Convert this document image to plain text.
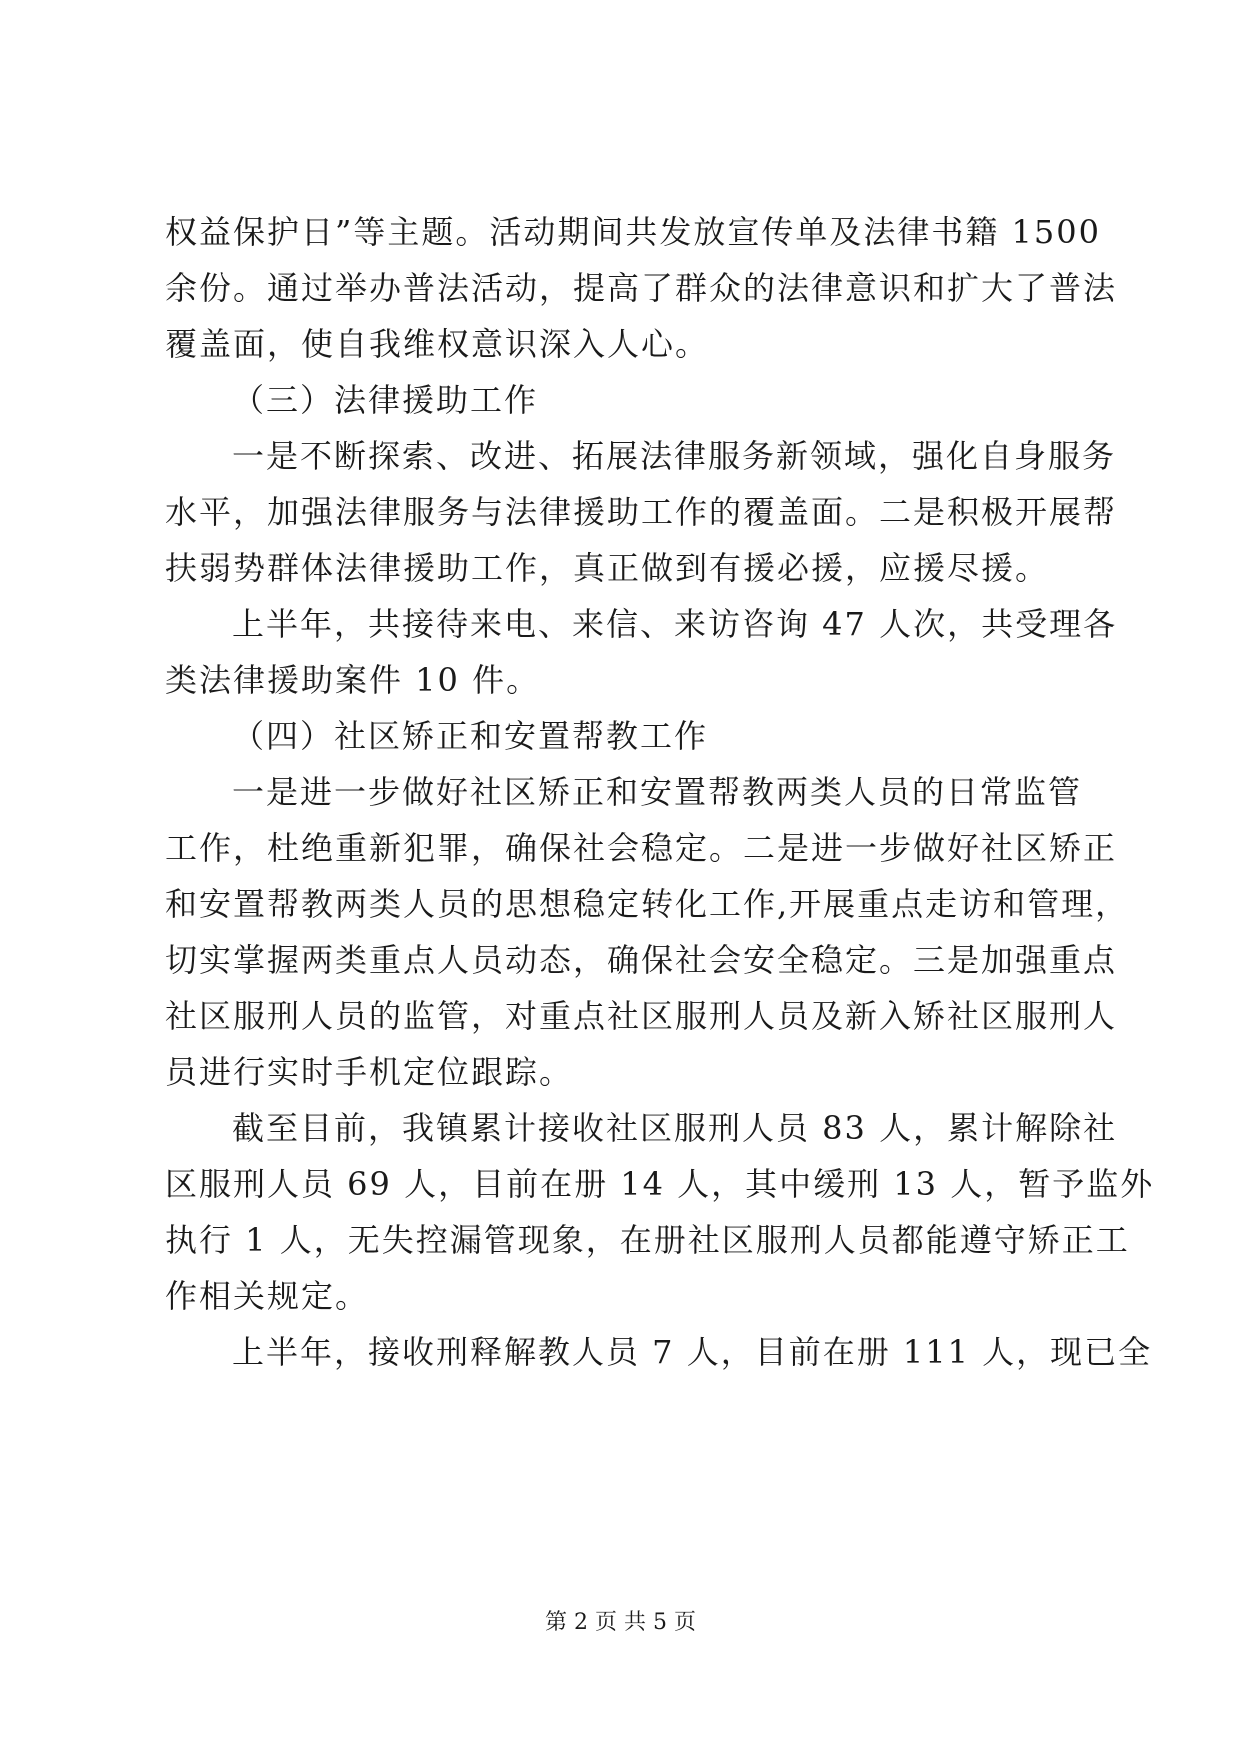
权益保护日”等主题。活动期间共发放宣传单及法律书籍 1500
余份。通过举办普法活动，提高了群众的法律意识和扩大了普法
覆盖面，使自我维权意识深入人心。
（三）法律援助工作
一是不断探索、改进、拓展法律服务新领域，强化自身服务
水平，加强法律服务与法律援助工作的覆盖面。二是积极开展帮
扶弱势群体法律援助工作，真正做到有援必援，应援尽援。
上半年，共接待来电、来信、来访咨询 47 人次，共受理各
类法律援助案件 10 件。
（四）社区矫正和安置帮教工作
一是进一步做好社区矫正和安置帮教两类人员的日常监管
工作，杜绝重新犯罪，确保社会稳定。二是进一步做好社区矫正
和安置帮教两类人员的思想稳定转化工作,开展重点走访和管理，
切实掌握两类重点人员动态，确保社会安全稳定。三是加强重点
社区服刑人员的监管，对重点社区服刑人员及新入矫社区服刑人
员进行实时手机定位跟踪。
截至目前，我镇累计接收社区服刑人员 83 人，累计解除社
区服刑人员 69 人，目前在册 14 人，其中缓刑 13 人，暂予监外
执行 1 人，无失控漏管现象，在册社区服刑人员都能遵守矫正工
作相关规定。
上半年，接收刑释解教人员 7 人，目前在册 111 人，现已全
第 2 页 共 5 页
